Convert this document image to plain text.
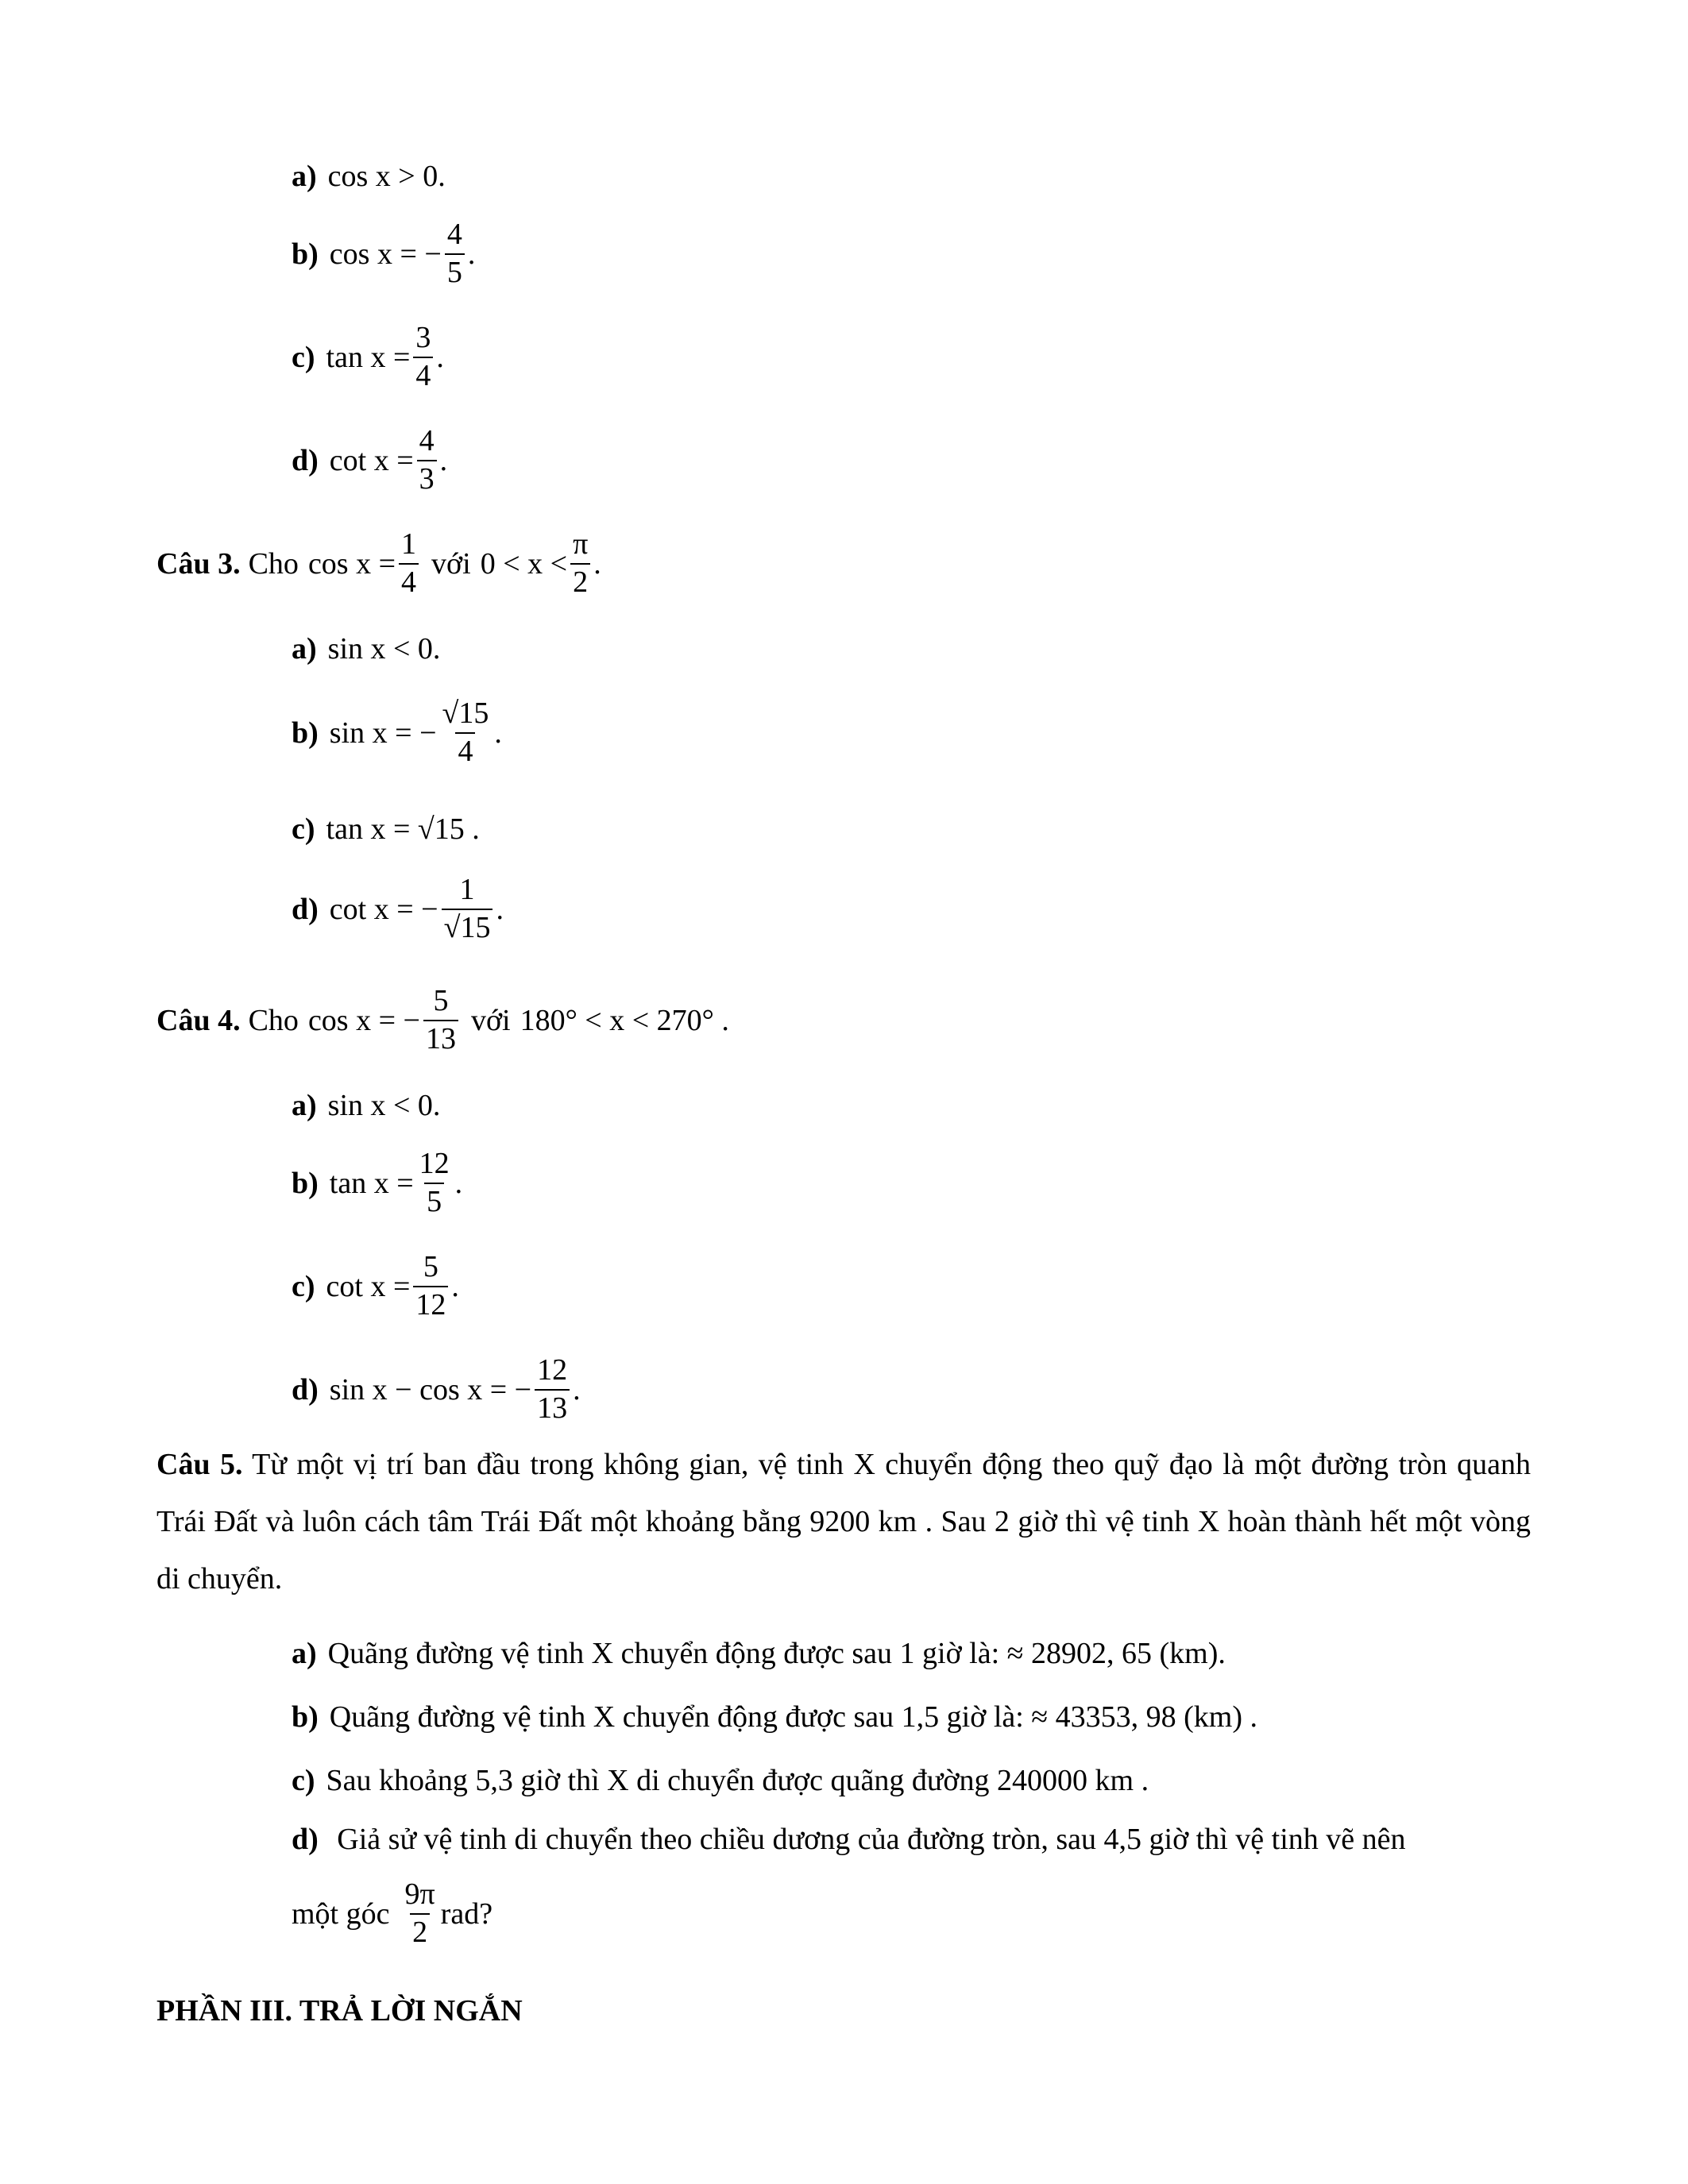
a) cos x > 0.
b) cos x = − $\frac{4}{5}$ .
c) $\tan x = \frac{3}{4}$ .
d) $\cot x = \frac{4}{3}$ .
Câu 3. Cho $\cos x = \frac{1}{4}$ với $0 < x < \frac{\pi}{2}$ .
a) sin x < 0.
b) sin x = − $\frac{√15}{4}$ .
c) tan x = √15 .
d) cot x = − $\frac{1}{√15}$ .
Câu 4. Cho cos x = − $\frac{5}{13}$ với 180° < x < 270° .
a) sin x < 0.
b) $\tan x = \frac{12}{5}$ .
c) $\cot x = \frac{5}{12}$ .
d) sin x − cos x = − $\frac{12}{13}$ .
Câu 5. Từ một vị trí ban đầu trong không gian, vệ tinh X chuyển động theo quỹ đạo là một đường tròn quanh Trái Đất và luôn cách tâm Trái Đất một khoảng bằng 9200 km . Sau 2 giờ thì vệ tinh X hoàn thành hết một vòng di chuyển.
a) Quãng đường vệ tinh X chuyển động được sau 1 giờ là: ≈ 28902, 65 (km).
b) Quãng đường vệ tinh X chuyển động được sau 1,5 giờ là: ≈ 43353, 98 (km) .
c) Sau khoảng 5,3 giờ thì X di chuyển được quãng đường 240000 km .
d) Giả sử vệ tinh di chuyển theo chiều dương của đường tròn, sau 4,5 giờ thì vệ tinh vẽ nên
một góc $\frac{9\pi}{2}$ rad?
PHẦN III. TRẢ LỜI NGẮN
